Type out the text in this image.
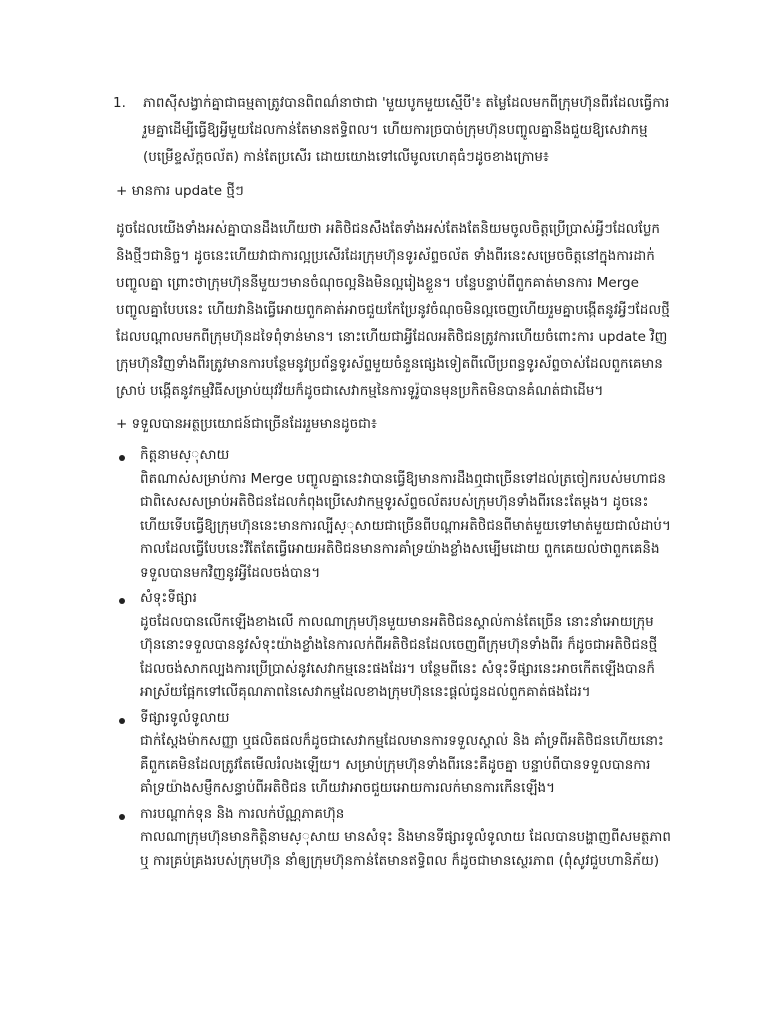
1.	ភាពស៊ីសង្វាក់គ្នាជាធម្មតាត្រូវបានពិពណ៌នាថាជា 'មួយបូកមួយស្មើបី'៖ តម្លៃដែលមកពីក្រុមហ៊ុនពីរដែលធ្វើការរួមគ្នាដើម្បីធ្វើឱ្យអ្វីមួយដែលកាន់តែមានឥទ្ធិពល។ ហើយការច្របាច់ក្រុមហ៊ុនបញ្ចូលគ្នានឹងជួយឱ្យសេវាកម្ម (បម្រើខ្ទស័ក្ដចល័ត) កាន់តែប្រសើរ ដោយយោងទៅលើមូលហេតុធំៗដូចខាងក្រោម៖
+ មានការ update ថ្មីៗ
ដូចដែលយើងទាំងអស់គ្នាបានដឹងហើយថា អតិថិជនសឹងតែទាំងអស់តែងតែនិយមចូលចិត្តប្រើប្រាស់អ្វីៗដែលប្លែកនិងថ្មីៗជានិច្ច។ ដូចនេះហើយវាជាការល្អប្រសើរដែរក្រុមហ៊ុនទូរស័ព្ទចល័ត ទាំងពីរនេះសម្រេចចិត្តនៅក្នុងការដាក់បញ្ចូលគ្នា ព្រោះថាក្រុមហ៊ុននីមួយៗមានចំណុចល្អនិងមិនល្អរៀងខ្លួន។ បន្ទែបន្ទាប់ពីពួកគាត់មានការ Merge បញ្ចូលគ្នាបែបនេះ ហើយវានិងធ្វើអោយពួកគាត់អាចជួយកែប្រែនូវចំណុចមិនល្អចេញហើយរួមគ្នាបង្កើតនូវអ្វីៗដែលថ្មី ដែលបណ្ដាលមកពីក្រុមហ៊ុនដទៃពុំទាន់មាន។ នោះហើយជាអ្វីដែលអតិថិជនត្រូវការហើយចំពោះការ update វិញក្រុមហ៊ុនវិញទាំងពីរត្រូវមានការបន្ថែមនូវប្រព័ន្ធទូរស័ព្ទមួយចំនួនផ្សេងទៀតពីលើប្រពន្ធទូរស័ព្ទចាស់ដែលពួកគេមានស្រាប់ បង្កើតនូវកម្មវិធីសម្រាប់យុវវ័យក៏ដូចជាសេវាកម្មនៃការទូរ៉ូបានមុនប្រកិតមិនបានគំណត់ជាដើម។
+ ទទួលបានអត្ថប្រយោជន៍ជាច្រើនដែររួមមានដូចជា៖
កិត្តនាមស្ុសាយ
ពិតណាស់សម្រាប់ការ Merge បញ្ចូលគ្នានេះវាបានធ្វើឱ្យមានការដឹងឮជាច្រើនទៅដល់ត្រចៀករបស់មហាជន ជាពិសេសសម្រាប់អតិថិជនដែលកំពុងប្រើសេវាកម្មទូរស័ព្ទចល័តរបស់ក្រុមហ៊ុនទាំងពីរនេះតែម្ដង។ ដូចនេះហើយទើបធ្វើឱ្យក្រុមហ៊ុននេះមានការល្បីស្ុសាយជាច្រើនពីបណ្ដាអតិថិជនពីមាត់មួយទៅមាត់មួយជាលំដាប់។ កាលដែលធ្វើបែបនេះវីតែតែធ្វើអោយអតិថិជនមានការគាំទ្រយ៉ាងខ្លាំងសម្បើមដោយ ពួកគេយល់ថាពួកគេនិងទទួលបានមកវិញនូវអ្វីដែលចង់បាន។
សំទុះទីផ្សារ
ដូចដែលបានលើកឡើងខាងលើ កាលណាក្រុមហ៊ុនមួយមានអតិថិជនស្គាល់កាន់តែច្រើន នោះនាំអោយក្រុមហ៊ុននោះទទួលបាននូវសំទុះយ៉ាងខ្លាំងនៃការលក់ពីអតិថិជនដែលចេញពីក្រុមហ៊ុនទាំងពីរ ក៏ដូចជាអតិថិជនថ្មីដែលចង់សាកល្បងការប្រើប្រាស់នូវសេវាកម្មនេះផងដែរ។ បន្ថែមពីនេះ សំទុះទីផ្សារនេះអាចកើតឡើងបានក៏អាស្រ័យផ្អែកទៅលើគុណភាពនៃសេវាកម្មដែលខាងក្រុមហ៊ុននេះផ្ដល់ជូនដល់ពួកគាត់ផងដែរ។
ទីផ្សារទូលំទូលាយ
ជាក់ស្ដែងម៉ាកសញ្ញា ឬផលិតផលក៏ដូចជាសេវាកម្មដែលមានការទទួលស្គាល់ និង គាំទ្រពីអតិថិជនហើយនោះ គឺពួកគេមិនដែលត្រូវតែមើលរំលងឡើយ។ សម្រាប់ក្រុមហ៊ុនទាំងពីរនេះគឺដូចគ្នា បន្ទាប់ពីបានទទួលបានការគាំទ្រយ៉ាងសម្ញឹកសន្ធាប់ពីអតិថិជន ហើយវាអាចជួយអោយការលក់មានការកើនឡើង។
ការបណ្តាក់ទុន និង ការលក់ប័ណ្ណភាគហ៊ុន
កាលណាក្រុមហ៊ុនមានកិត្តិនាមស្ុសាយ មានសំទុះ និងមានទីផ្សារទូលំទូលាយ ដែលបានបង្ហាញពីសមត្ថភាព ឬ ការគ្រប់គ្រងរបស់ក្រុមហ៊ុន នាំឲ្យក្រុមហ៊ុនកាន់តែមានឥទ្ធិពល ក៏ដូចជាមានស្ថេរភាព (ពុំសូវជួបហានិភ័យ)
